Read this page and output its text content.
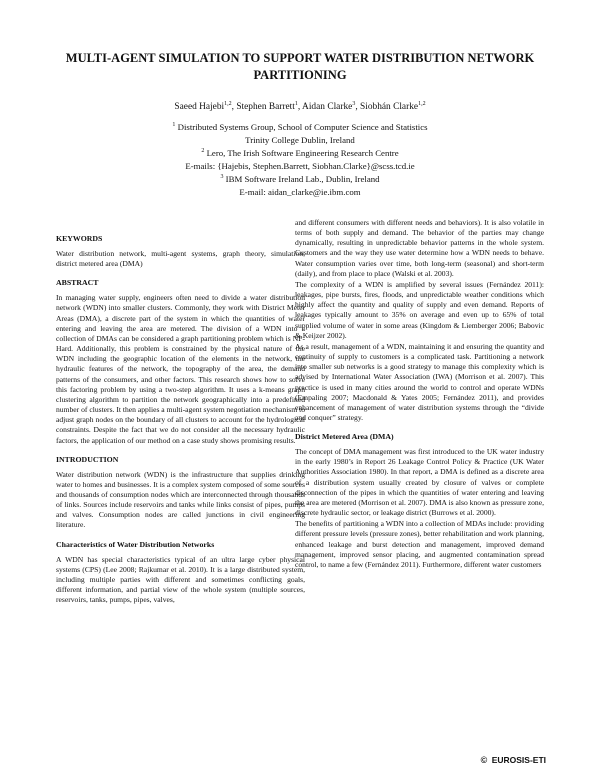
MULTI-AGENT SIMULATION TO SUPPORT WATER DISTRIBUTION NETWORK PARTITIONING

Saeed Hajebi$^{1,2}$, Stephen Barrett$^1$, Aidan Clarke$^3$, Siobhán Clarke$^{1,2}$

$^1$ Distributed Systems Group, School of Computer Science and Statistics

Trinity College Dublin, Ireland

$^2$ Lero, The Irish Software Engineering Research Centre

E-mails: {Hajebis, Stephen.Barrett, Siobhan.Clarke}@scss.tcd.ie

$^3$ IBM Software Ireland Lab., Dublin, Ireland

E-mail: aidan_clarke@ie.ibm.com

KEYWORDS

Water distribution network, multi-agent systems, graph theory, simulation, district metered area (DMA)

ABSTRACT

In managing water supply, engineers often need to divide a water distribution network (WDN) into smaller clusters. Commonly, they work with District Meter Areas (DMA), a discrete part of the system in which the quantities of water entering and leaving the area are metered. The division of a WDN into a collection of DMAs can be considered a graph partitioning problem which is NP-Hard. Additionally, this problem is constrained by the physical nature of the WDN including the geographic location of the elements in the network, the hydraulic features of the network, the topography of the area, the demand patterns of the consumers, and other factors. This research shows how to solve this factoring problem by using a two-step algorithm. It uses a k-means graph clustering algorithm to partition the network geographically into a predefined number of clusters. It then applies a multi-agent system negotiation mechanism to adjust graph nodes on the boundary of all clusters to account for the hydrological constraints. Despite the fact that we do not consider all the necessary hydraulic factors, the application of our method on a case study shows promising results.

INTRODUCTION

Water distribution network (WDN) is the infrastructure that supplies drinking water to homes and businesses. It is a complex system composed of some sources and thousands of consumption nodes which are interconnected through thousands of links. Sources include reservoirs and tanks while links consist of pipes, pumps and valves. Consumption nodes are called junctions in civil engineering literature.

Characteristics of Water Distribution Networks

A WDN has special characteristics typical of an ultra large cyber physical systems (CPS) (Lee 2008; Rajkumar et al. 2010). It is a large distributed system, including multiple parties with different and sometimes conflicting goals, different information, and partial view of the whole system (multiple sources, reservoirs, tanks, pumps, pipes, valves,

and different consumers with different needs and behaviors). It is also volatile in terms of both supply and demand. The behavior of the parties may change dynamically, resulting in unpredictable behavior patterns in the whole system. Customers and the way they use water determine how a WDN needs to behave. Water consumption varies over time, both long-term (seasonal) and short-term (daily), and from place to place (Walski et al. 2003).

The complexity of a WDN is amplified by several issues (Fernández 2011): leakages, pipe bursts, fires, floods, and unpredictable weather conditions which highly affect the quantity and quality of supply and even demand. Reports of leakages typically amount to 35% on average and even up to 65% of total supplied volume of water in some areas (Kingdom & Liemberger 2006; Babovic & Keijzer 2002).

As a result, management of a WDN, maintaining it and ensuring the quantity and continuity of supply to customers is a complicated task. Partitioning a network into smaller sub networks is a good strategy to manage this complexity which is advised by International Water Association (IWA) (Morrison et al. 2007). This practice is used in many cities around the world to control and operate WDNs (Empaling 2007; Macdonald & Yates 2005; Fernández 2011), and provides enhancement of management of water distribution systems through the “divide and conquer” strategy.

District Metered Area (DMA)

The concept of DMA management was first introduced to the UK water industry in the early 1980’s in Report 26 Leakage Control Policy & Practice (UK Water Authorities Association 1980). In that report, a DMA is defined as a discrete area of a distribution system usually created by closure of valves or complete disconnection of the pipes in which the quantities of water entering and leaving the area are metered (Morrison et al. 2007). DMA is also known as pressure zone, discrete hydraulic sector, or leakage district (Burrows et al. 2000).

The benefits of partitioning a WDN into a collection of MDAs include: providing different pressure levels (pressure zones), better rehabilitation and work planning, enhanced leakage and burst detection and management, improved demand management, improved sensor placing, and augmented contamination spread control, to name a few (Fernández 2011). Furthermore, different water customers

© EUROSIS-ETI
